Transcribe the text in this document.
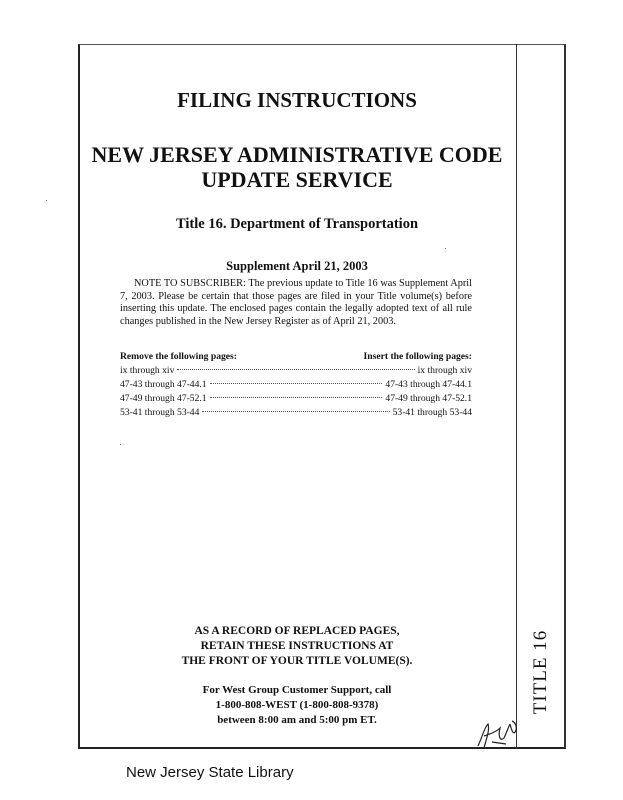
TITLE 16
FILING INSTRUCTIONS
NEW JERSEY ADMINISTRATIVE CODE
UPDATE SERVICE
Title 16. Department of Transportation
Supplement April 21, 2003

NOTE TO SUBSCRIBER: The previous update to Title 16 was Supplement April 7, 2003. Please be certain that those pages are filed in your Title volume(s) before inserting this update. The enclosed pages contain the legally adopted text of all rule changes published in the New Jersey Register as of April 21, 2003.

Remove the following pages:	Insert the following pages:
ix through xiv	ix through xiv
47-43 through 47-44.1	47-43 through 47-44.1
47-49 through 47-52.1	47-49 through 47-52.1
53-41 through 53-44	53-41 through 53-44
AS A RECORD OF REPLACED PAGES,
RETAIN THESE INSTRUCTIONS AT
THE FRONT OF YOUR TITLE VOLUME(S).
For West Group Customer Support, call
1-800-808-WEST (1-800-808-9378)
between 8:00 am and 5:00 pm ET.
New Jersey State Library
